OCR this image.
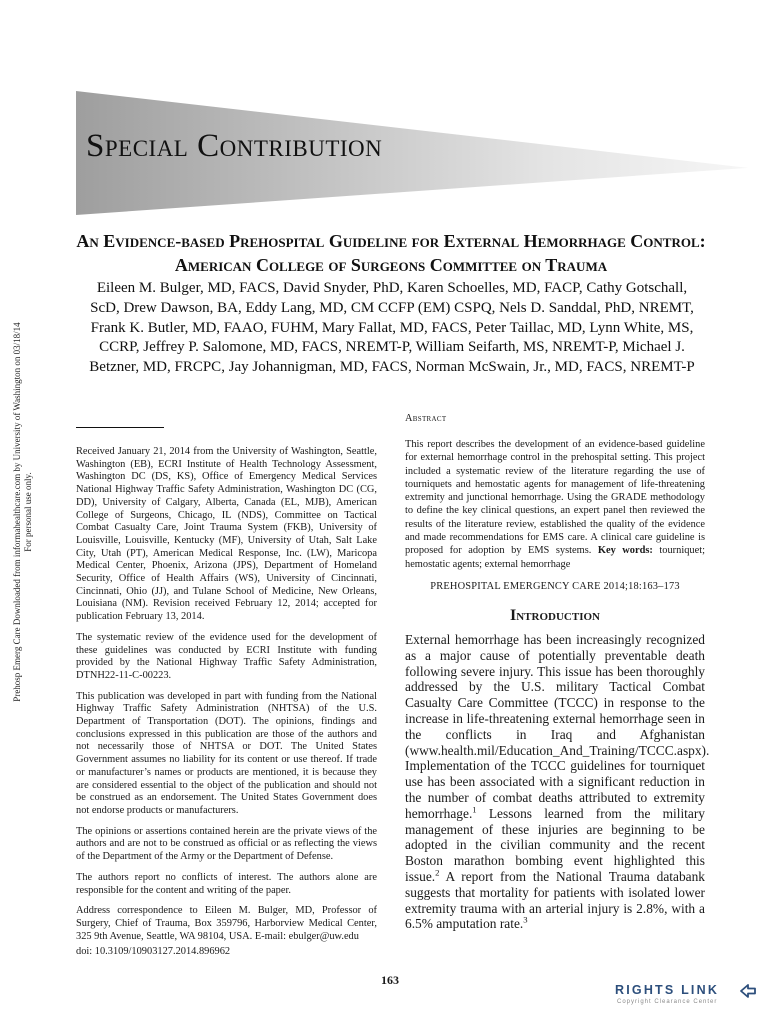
Prehosp Emerg Care Downloaded from informahealthcare.com by University of Washington on 03/18/14 For personal use only.
Special Contribution
An Evidence-based Prehospital Guideline for External Hemorrhage Control: American College of Surgeons Committee on Trauma
Eileen M. Bulger, MD, FACS, David Snyder, PhD, Karen Schoelles, MD, FACP, Cathy Gotschall, ScD, Drew Dawson, BA, Eddy Lang, MD, CM CCFP (EM) CSPQ, Nels D. Sanddal, PhD, NREMT, Frank K. Butler, MD, FAAO, FUHM, Mary Fallat, MD, FACS, Peter Taillac, MD, Lynn White, MS, CCRP, Jeffrey P. Salomone, MD, FACS, NREMT-P, William Seifarth, MS, NREMT-P, Michael J. Betzner, MD, FRCPC, Jay Johannigman, MD, FACS, Norman McSwain, Jr., MD, FACS, NREMT-P

Received January 21, 2014 from the University of Washington, Seattle, Washington (EB), ECRI Institute of Health Technology Assessment, Washington DC (DS, KS), Office of Emergency Medical Services National Highway Traffic Safety Administration, Washington DC (CG, DD), University of Calgary, Alberta, Canada (EL, MJB), American College of Surgeons, Chicago, IL (NDS), Committee on Tactical Combat Casualty Care, Joint Trauma System (FKB), University of Louisville, Louisville, Kentucky (MF), University of Utah, Salt Lake City, Utah (PT), American Medical Response, Inc. (LW), Maricopa Medical Center, Phoenix, Arizona (JPS), Department of Homeland Security, Office of Health Affairs (WS), University of Cincinnati, Cincinnati, Ohio (JJ), and Tulane School of Medicine, New Orleans, Louisiana (NM). Revision received February 12, 2014; accepted for publication February 13, 2014.

The systematic review of the evidence used for the development of these guidelines was conducted by ECRI Institute with funding provided by the National Highway Traffic Safety Administration, DTNH22-11-C-00223.

This publication was developed in part with funding from the National Highway Traffic Safety Administration (NHTSA) of the U.S. Department of Transportation (DOT). The opinions, findings and conclusions expressed in this publication are those of the authors and not necessarily those of NHTSA or DOT. The United States Government assumes no liability for its content or use thereof. If trade or manufacturer’s names or products are mentioned, it is because they are considered essential to the object of the publication and should not be construed as an endorsement. The United States Government does not endorse products or manufacturers.

The opinions or assertions contained herein are the private views of the authors and are not to be construed as official or as reflecting the views of the Department of the Army or the Department of Defense.

The authors report no conflicts of interest. The authors alone are responsible for the content and writing of the paper.

Address correspondence to Eileen M. Bulger, MD, Professor of Surgery, Chief of Trauma, Box 359796, Harborview Medical Center, 325 9th Avenue, Seattle, WA 98104, USA. E-mail: ebulger@uw.edu

doi: 10.3109/10903127.2014.896962

Abstract

This report describes the development of an evidence-based guideline for external hemorrhage control in the prehospital setting. This project included a systematic review of the literature regarding the use of tourniquets and hemostatic agents for management of life-threatening extremity and junctional hemorrhage. Using the GRADE methodology to define the key clinical questions, an expert panel then reviewed the results of the literature review, established the quality of the evidence and made recommendations for EMS care. A clinical care guideline is proposed for adoption by EMS systems. Key words: tourniquet; hemostatic agents; external hemorrhage

PREHOSPITAL EMERGENCY CARE 2014;18:163–173
Introduction

External hemorrhage has been increasingly recognized as a major cause of potentially preventable death following severe injury. This issue has been thoroughly addressed by the U.S. military Tactical Combat Casualty Care Committee (TCCC) in response to the increase in life-threatening external hemorrhage seen in the conflicts in Iraq and Afghanistan (www.health.mil/Education_And_Training/TCCC.aspx). Implementation of the TCCC guidelines for tourniquet use has been associated with a significant reduction in the number of combat deaths attributed to extremity hemorrhage.$^1$ Lessons learned from the military management of these injuries are beginning to be adopted in the civilian community and the recent Boston marathon bombing event highlighted this issue.$^2$ A report from the National Trauma databank suggests that mortality for patients with isolated lower extremity trauma with an arterial injury is 2.8%, with a 6.5% amputation rate.$^3$

163
RIGHTS LINK
Copyright Clearance Center
